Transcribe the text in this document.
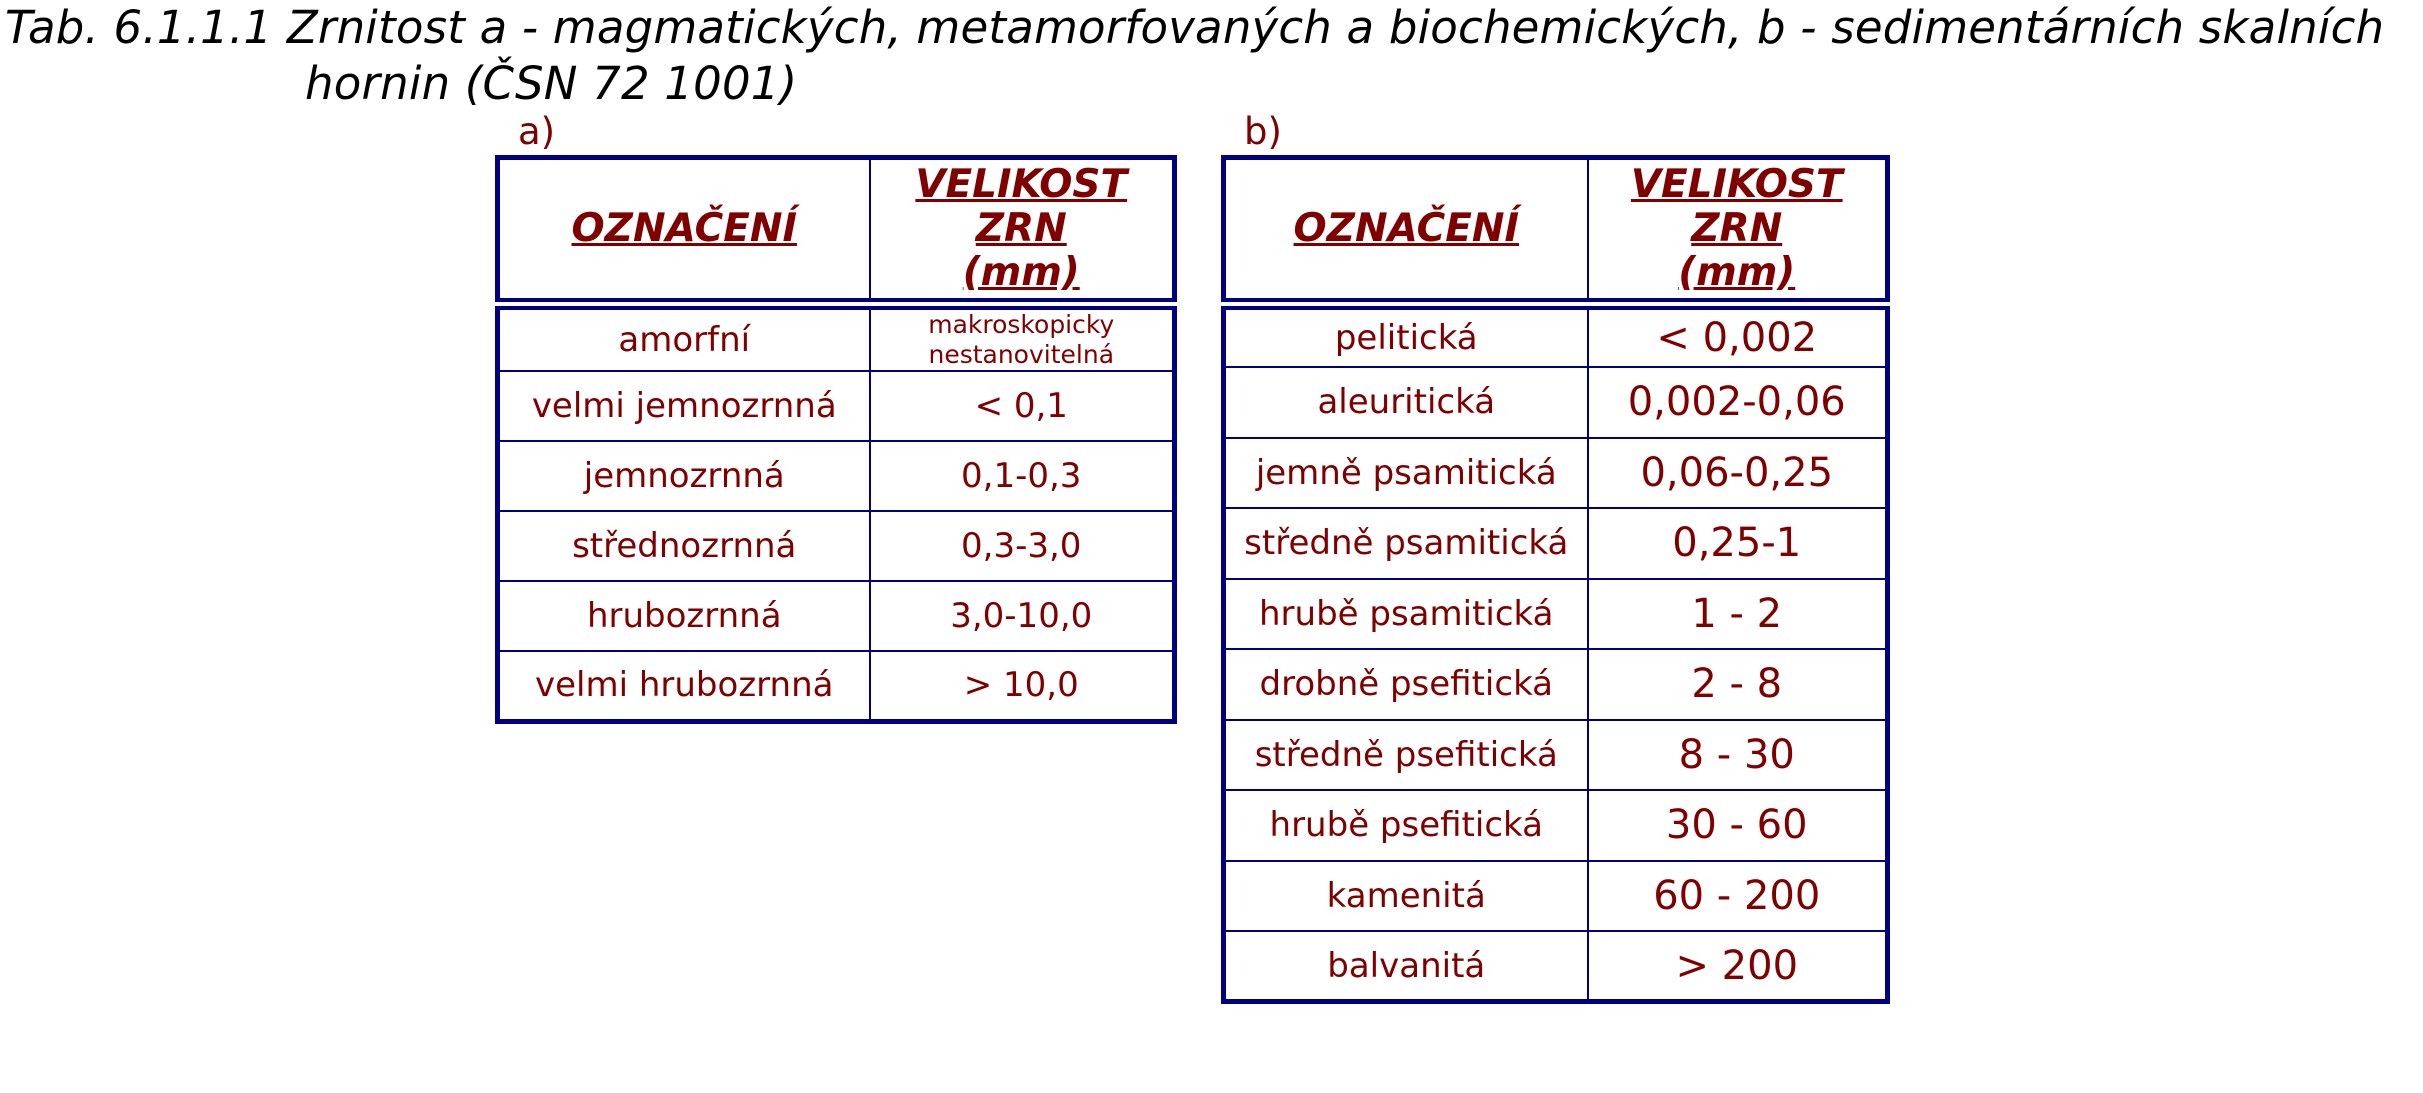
Tab. 6.1.1.1 Zrnitost a - magmatických, metamorfovaných a biochemických, b - sedimentárních skalních
hornin (ČSN 72 1001)
a)	b)
OZNAČENÍ	VELIKOST
ZRN
(mm)

amorfní	makroskopicky
nestanovitelná

velmi jemnozrnná	< 0,1
jemnozrnná	0,1-0,3
střednozrnná	0,3-3,0
hrubozrnná	3,0-10,0
velmi hrubozrnná	> 10,0
OZNAČENÍ	VELIKOST
ZRN
(mm)

pelitická	< 0,002
aleuritická	0,002-0,06
jemně psamitická	0,06-0,25
středně psamitická	0,25-1
hrubě psamitická	1 - 2
drobně psefitická	2 - 8
středně psefitická	8 - 30
hrubě psefitická	30 - 60
kamenitá	60 - 200
balvanitá	> 200
